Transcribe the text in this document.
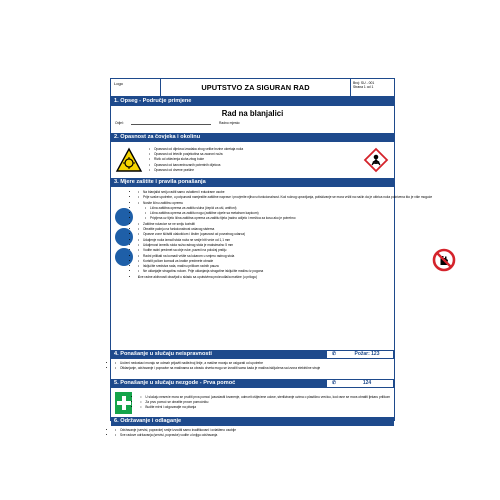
Logo	UPUTSTVO ZA SIGURAN RAD	Broj: SU - 001
Strana 1 od 1
1. Opseg - Područje primjene
Rad na blanjalici
Odjel:	Radno mjesto:
2. Opasnost za čovjeka i okolinu
• Opasnost od dijelova izradaka zbog velike brzine okretaja noža
• Opasnost od letećih posjekotina sa zaoroni noža
• Rizik od oštećenja sluha zbog buke
• Opasnost od kancerdrozanih potentnih dijelova
• Opasnost od drvene prašine
3. Mjere zaštite i pravila ponašanja
• • Na blanjalici smiju raditi samo ovlašteni i educirane osobe
• • Prije svake upotrebe, u potpunosti namjestite zaštitne naprave i provjerite njihovu funkcionalnost. Kod ručnog upravljanja, potiskivanje se mora vršiti na način da je oštrica noža pokrivena što je više moguće
• • Nosite ličnu zaštitnu opremu
• • Lična zaštitna oprema za zaštitu sluha (čepići za uši, antifoni)
• • Lična zaštitna oprema za zaštitu nogu (zaštitne cipele sa metalnom kapicom)
• • Pripijena uz tijelo lična zaštitna oprema za zaštitu tijela (radno odijelo i mrežica za kosu ako je potrebno
• • Zaštitne rukavice se ne smiju koristiti
• • Obratite pažnju na funkcionalnost ustavog sistema
• • Opasne zone iščistiti olakotićom i čistim (opasnost od povratnog udarca)
• • Udaljenje noža izmađ stola noža ne smije biti veće od 1,1 mm
• • Udaljenost između stola noža radnog stola je maksimalno 5 mm
• • Vodite radni predmet sa obje ruke, pazeći na položaj prstiju
• • Radni prilikati na komadi vršite sa lukarom u smjeru radnog stola
• • Koristit pollom komadi za kratke predmete obrade
• • Isključite sredstva rada, mašinu prilikom radnih pauza
• • Ne uklanjajte strugotinu rukom. Prije uklanjanja strugotine isključite mašinu iz pogona
• • Sve radne aktivnosti obavljati u skladu sa uputstvima proizvođača mašine (u prilogu)
4. Ponašanje u slučaju neispravnosti	✆	Požar: 123
• • Uočeni nedostaci moraju se odmah prijaviti nadležnoj linije, a mašine moraju se osigurati od upotrebe
• • Otklanjanje, održavanje i popravke na mašinama za obradu drveta mogu se izvoditi samo kada je mašina isključena sa izvora električne struje
5. Ponašanje u slučaju nezgode - Prva pomoć	✆	124
• • U slučaju nesreće mora se pružiti prva pomoć (zaustaviti krvarenje, odmorit oštjećene udove, steriliziranje uzima o plastičnu vrećicu, kod rane se mora obratiti ljekaru prilikom
• • Za prvu pomoć se obratite prvom pomoćniku
• • Budite mirni i odgovarajte na pitanja
6. Održavanje i odlaganje
• • Održavanje (servisi, popravke) smije izvoditi samo kvalifikovani i ovlašteno osoblje
• • Sve radove održavanja (servisi, popravke) vodite u knjigu održavanja
